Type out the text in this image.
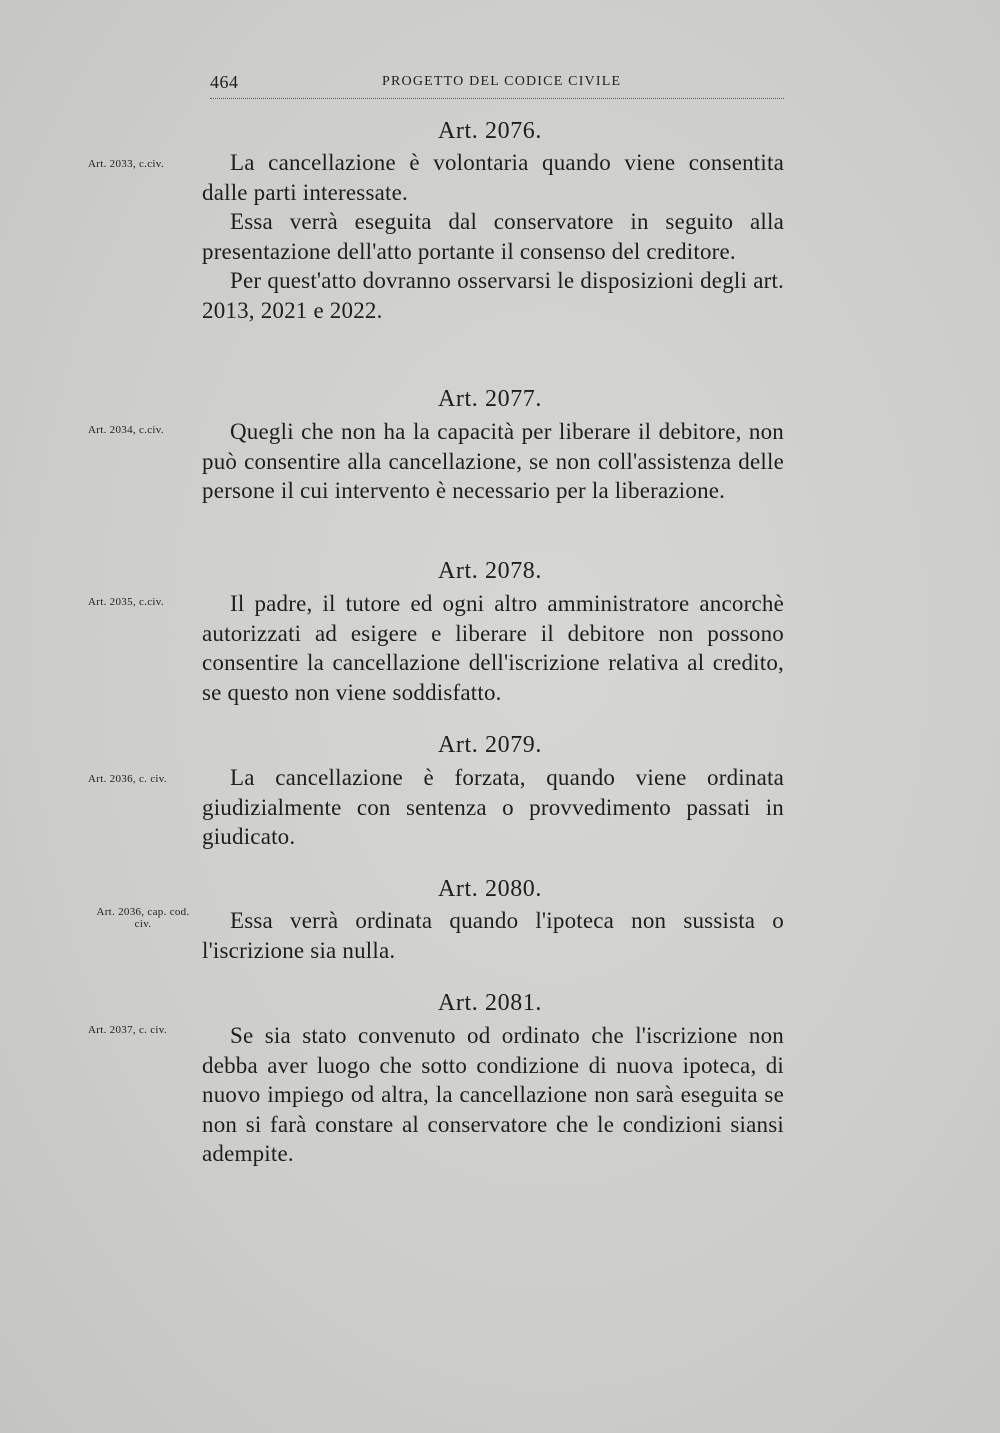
464	PROGETTO DEL CODICE CIVILE
Art. 2076.
Art. 2033, c.civ.	La cancellazione è volontaria quando viene consentita dalle parti interessate.

Essa verrà eseguita dal conservatore in seguito alla presentazione dell'atto portante il consenso del creditore.

Per quest'atto dovranno osservarsi le disposizioni degli art. 2013, 2021 e 2022.

Art. 2077.
Art. 2034, c.civ.	Quegli che non ha la capacità per liberare il debitore, non può consentire alla cancellazione, se non coll'assistenza delle persone il cui intervento è necessario per la liberazione.

Art. 2078.
Art. 2035, c.civ.	Il padre, il tutore ed ogni altro amministratore ancorchè autorizzati ad esigere e liberare il debitore non possono consentire la cancellazione dell'iscrizione relativa al credito, se questo non viene soddisfatto.

Art. 2079.
Art. 2036, c. civ.	La cancellazione è forzata, quando viene ordinata giudizialmente con sentenza o provvedimento passati in giudicato.

Art. 2080.
Art. 2036, cap. cod. civ.	Essa verrà ordinata quando l'ipoteca non sussista o l'iscrizione sia nulla.

Art. 2081.
Art. 2037, c. civ.	Se sia stato convenuto od ordinato che l'iscrizione non debba aver luogo che sotto condizione di nuova ipoteca, di nuovo impiego od altra, la cancellazione non sarà eseguita se non si farà constare al conservatore che le condizioni siansi adempite.
